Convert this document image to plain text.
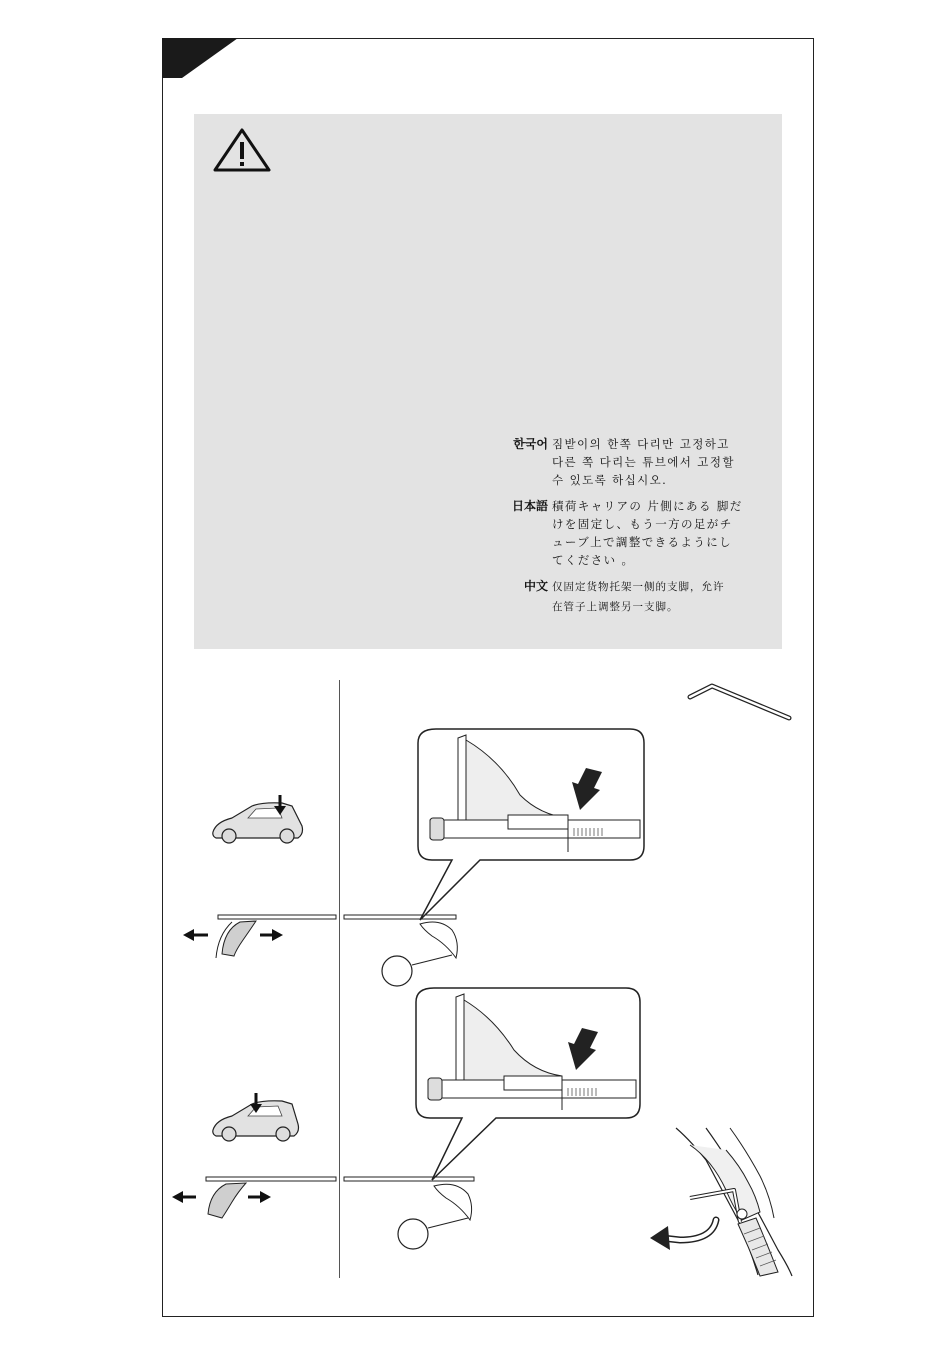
한국어 짐받이의 한쪽 다리만 고정하고
다른 쪽 다리는 튜브에서 고정할
수 있도록 하십시오.
日本語 積荷キャリアの 片側にある 脚だ
けを固定し、もう一方の足がチ
ューブ上で調整できるようにし
てください 。
中文 仅固定货物托架一侧的支脚，允许
在管子上调整另一支脚。
